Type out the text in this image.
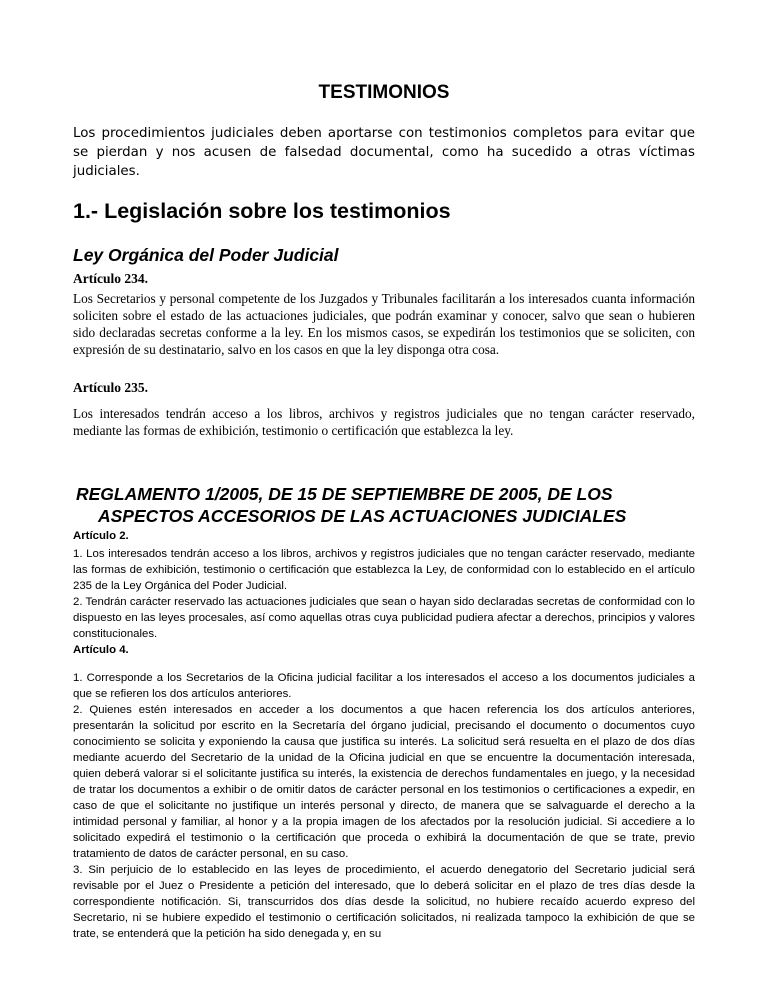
TESTIMONIOS

Los procedimientos judiciales deben aportarse con testimonios completos para evitar que se pierdan y nos acusen de falsedad documental, como ha sucedido a otras víctimas judiciales.

1.- Legislación sobre los testimonios
Ley Orgánica del Poder Judicial
Artículo 234.

Los Secretarios y personal competente de los Juzgados y Tribunales facilitarán a los interesados cuanta información soliciten sobre el estado de las actuaciones judiciales, que podrán examinar y conocer, salvo que sean o hubieren sido declaradas secretas conforme a la ley. En los mismos casos, se expedirán los testimonios que se soliciten, con expresión de su destinatario, salvo en los casos en que la ley disponga otra cosa.

Artículo 235.

Los interesados tendrán acceso a los libros, archivos y registros judiciales que no tengan carácter reservado, mediante las formas de exhibición, testimonio o certificación que establezca la ley.

REGLAMENTO 1/2005, DE 15 DE SEPTIEMBRE DE 2005, DE LOS
ASPECTOS ACCESORIOS DE LAS ACTUACIONES JUDICIALES
Artículo 2.
1. Los interesados tendrán acceso a los libros, archivos y registros judiciales que no tengan carácter reservado, mediante las formas de exhibición, testimonio o certificación que establezca la Ley, de conformidad con lo establecido en el artículo 235 de la Ley Orgánica del Poder Judicial.
2. Tendrán carácter reservado las actuaciones judiciales que sean o hayan sido declaradas secretas de conformidad con lo dispuesto en las leyes procesales, así como aquellas otras cuya publicidad pudiera afectar a derechos, principios y valores constitucionales.
Artículo 4.
1. Corresponde a los Secretarios de la Oficina judicial facilitar a los interesados el acceso a los documentos judiciales a que se refieren los dos artículos anteriores.
2. Quienes estén interesados en acceder a los documentos a que hacen referencia los dos artículos anteriores, presentarán la solicitud por escrito en la Secretaría del órgano judicial, precisando el documento o documentos cuyo conocimiento se solicita y exponiendo la causa que justifica su interés. La solicitud será resuelta en el plazo de dos días mediante acuerdo del Secretario de la unidad de la Oficina judicial en que se encuentre la documentación interesada, quien deberá valorar si el solicitante justifica su interés, la existencia de derechos fundamentales en juego, y la necesidad de tratar los documentos a exhibir o de omitir datos de carácter personal en los testimonios o certificaciones a expedir, en caso de que el solicitante no justifique un interés personal y directo, de manera que se salvaguarde el derecho a la intimidad personal y familiar, al honor y a la propia imagen de los afectados por la resolución judicial. Si accediere a lo solicitado expedirá el testimonio o la certificación que proceda o exhibirá la documentación de que se trate, previo tratamiento de datos de carácter personal, en su caso.
3. Sin perjuicio de lo establecido en las leyes de procedimiento, el acuerdo denegatorio del Secretario judicial será revisable por el Juez o Presidente a petición del interesado, que lo deberá solicitar en el plazo de tres días desde la correspondiente notificación. Si, transcurridos dos días desde la solicitud, no hubiere recaído acuerdo expreso del Secretario, ni se hubiere expedido el testimonio o certificación solicitados, ni realizada tampoco la exhibición de que se trate, se entenderá que la petición ha sido denegada y, en su
